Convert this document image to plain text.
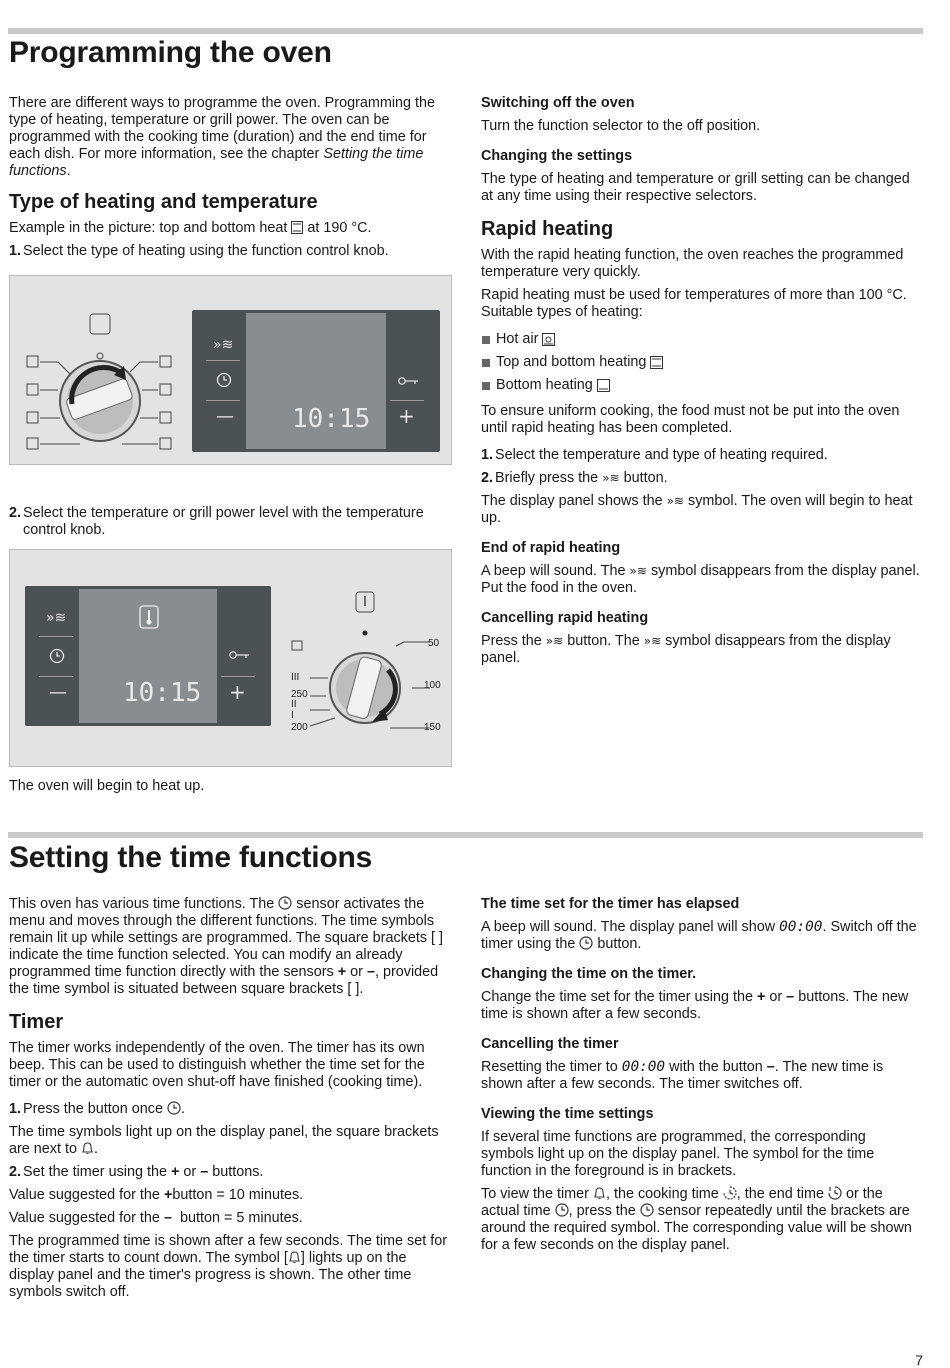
Programming the oven

There are different ways to programme the oven. Programming the type of heating, temperature or grill power. The oven can be programmed with the cooking time (duration) and the end time for each dish. For more information, see the chapter Setting the time functions.

Type of heating and temperature

Example in the picture: top and bottom heat at 190 °C.

1. Select the type of heating using the function control knob.
»≋
— 10:15 +
2. Select the temperature or grill power level with the temperature control knob.
»≋
— 10:15 +
50
100
150
200
250
III
II
I

The oven will begin to heat up.

Switching off the oven

Turn the function selector to the off position.

Changing the settings

The type of heating and temperature or grill setting can be changed at any time using their respective selectors.

Rapid heating

With the rapid heating function, the oven reaches the programmed temperature very quickly.

Rapid heating must be used for temperatures of more than 100 °C. Suitable types of heating:

Hot air

Top and bottom heating

Bottom heating

To ensure uniform cooking, the food must not be put into the oven until rapid heating has been completed.

1. Select the temperature and type of heating required.
2. Briefly press the »≋ button.

The display panel shows the »≋ symbol. The oven will begin to heat up.

End of rapid heating

A beep will sound. The »≋ symbol disappears from the display panel. Put the food in the oven.

Cancelling rapid heating

Press the »≋ button. The »≋ symbol disappears from the display panel.

Setting the time functions

This oven has various time functions. The sensor activates the menu and moves through the different functions. The time symbols remain lit up while settings are programmed. The square brackets [ ] indicate the time function selected. You can modify an already programmed time function directly with the sensors + or –, provided the time symbol is situated between square brackets [ ].

Timer

The timer works independently of the oven. The timer has its own beep. This can be used to distinguish whether the time set for the timer or the automatic oven shut-off have finished (cooking time).

1. Press the button once .

The time symbols light up on the display panel, the square brackets are next to .

2. Set the timer using the + or – buttons.

Value suggested for the +button = 10 minutes.

Value suggested for the – button = 5 minutes.

The programmed time is shown after a few seconds. The time set for the timer starts to count down. The symbol [ ] lights up on the display panel and the timer's progress is shown. The other time symbols switch off.

The time set for the timer has elapsed

A beep will sound. The display panel will show 00:00. Switch off the timer using the button.

Changing the time on the timer.

Change the time set for the timer using the + or – buttons. The new time is shown after a few seconds.

Cancelling the timer

Resetting the timer to 00:00 with the button –. The new time is shown after a few seconds. The timer switches off.

Viewing the time settings

If several time functions are programmed, the corresponding symbols light up on the display panel. The symbol for the time function in the foreground is in brackets.

To view the timer , the cooking time , the end time or the actual time , press the sensor repeatedly until the brackets are around the required symbol. The corresponding value will be shown for a few seconds on the display panel.

7
